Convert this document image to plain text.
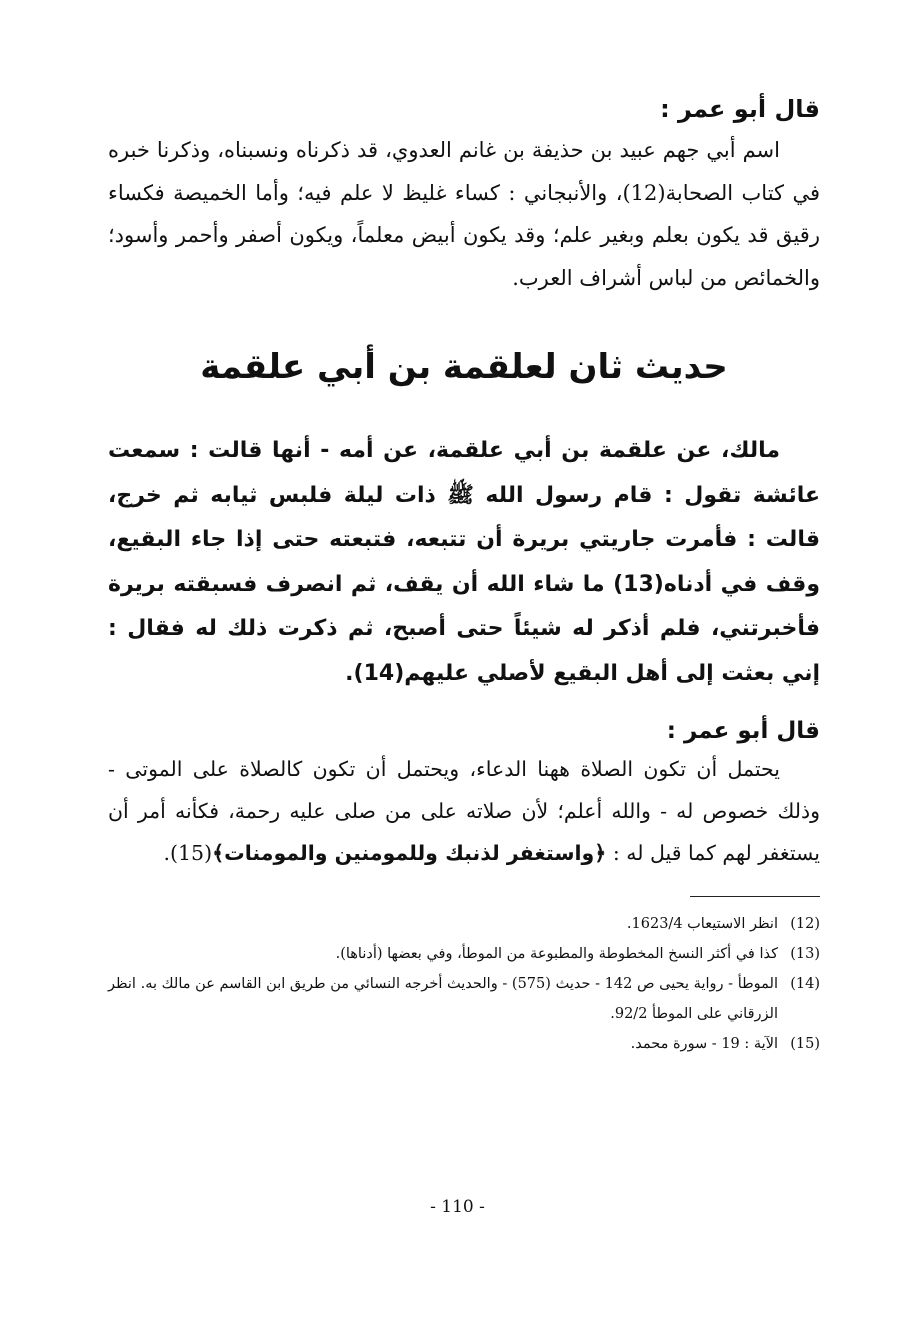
قال أبو عمر :

اسم أبي جهم عبيد بن حذيفة بن غانم العدوي، قد ذكرناه ونسبناه، وذكرنا خبره في كتاب الصحابة(12)، والأنبجاني : كساء غليظ لا علم فيه؛ وأما الخميصة فكساء رقيق قد يكون بعلم وبغير علم؛ وقد يكون أبيض معلماً، ويكون أصفر وأحمر وأسود؛ والخمائص من لباس أشراف العرب.

حديث ثان لعلقمة بن أبي علقمة

مالك، عن علقمة بن أبي علقمة، عن أمه - أنها قالت : سمعت عائشة تقول : قام رسول الله ﷺ ذات ليلة فلبس ثيابه ثم خرج، قالت : فأمرت جاريتي بريرة أن تتبعه، فتبعته حتى إذا جاء البقيع، وقف في أدناه(13) ما شاء الله أن يقف، ثم انصرف فسبقته بريرة فأخبرتني، فلم أذكر له شيئاً حتى أصبح، ثم ذكرت ذلك له فقال : إني بعثت إلى أهل البقيع لأصلي عليهم(14).

قال أبو عمر :

يحتمل أن تكون الصلاة ههنا الدعاء، ويحتمل أن تكون كالصلاة على الموتى - وذلك خصوص له - والله أعلم؛ لأن صلاته على من صلى عليه رحمة، فكأنه أمر أن يستغفر لهم كما قيل له : ﴿واستغفر لذنبك وللمومنين والمومنات﴾(15).

(12)
انظر الاستيعاب 1623/4.
(13)
كذا في أكثر النسخ المخطوطة والمطبوعة من الموطأ، وفي بعضها (أدناها).
(14)
الموطأ - رواية يحيى ص 142 - حديث (575) - والحديث أخرجه النسائي من طريق ابن القاسم عن مالك به. انظر الزرقاني على الموطأ 92/2.
(15)
الآية : 19 - سورة محمد.
- 110 -
